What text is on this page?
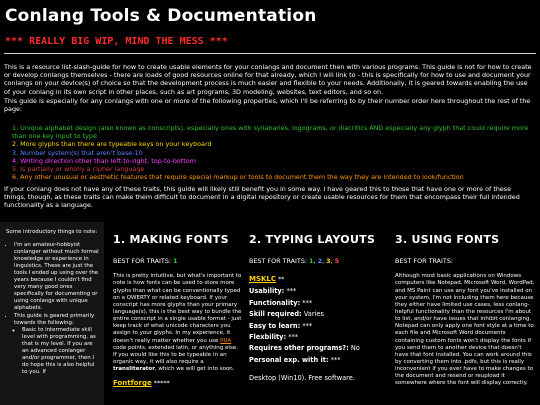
Conlang Tools & Documentation
*** REALLY BIG WIP, MIND THE MESS ***

This is a resource list-slash-guide for how to create usable elements for your conlangs and document then with various programs. This guide is not for how to create or develop conlangs themselves - there are loads of good resources online for that already, which I will link to - this is specifically for how to use and document your conlangs on your device(s) of choice so that the development process is much easier and flexible to your needs. Additionally, it is geared towards enabling the use of your conlang in its own script in other places, such as art programs, 3D modeling, websites, text editors, and so on.

This guide is especially for any conlangs with one or more of the following properties, which I'll be referring to by their number order here throughout the rest of the page:

1. Unique alphabet design (also known as conscripts), especially ones with syllabaries, logograms, or diacritics AND especially any glyph that could require more than one key input to type
2. More glyphs than there are typeable keys on your keyboard
3. Number system(s) that aren't base-10
4. Writing direction other than left-to-right, top-to-bottom
5. Is partially or wholly a cipher language
6. Any other unusual or aesthetic features that require special markup or tools to document them the way they are intended to look/function

If your conlang does not have any of these traits, this guide will likely still benefit you in some way. I have geared this to those that have one or more of these things, though, as these traits can make them difficult to document in a digital repository or create usable resources for them that encompass their full intended functionality as a language.

Some introductory things to note:

• I'm an amateur-hobbyist conlanger without much formal knowledge or experience in linguistics. These are just the tools I ended up using over the years because I couldn't find very many good ones specifically for documenting or using conlangs with unique alphabets.
• This guide is geared primarily towards the following:
◦ Basic to intermediate skill level with programming, as that is my level. If you are an advanced conlanger and/or programmer, then I do hope this is also helpful to you. If
1. MAKING FONTS
BEST FOR TRAITS: 1

This is pretty intuitive, but what's important to note is how fonts can be used to store more glyphs than what can be conventionally typed on a QWERTY or related keyboard. If your conscript has more glyphs than your primary language(s), this is the best way to bundle the entire conscript in a single usable format - just keep track of what unicode characters you assign to your glyphs. In my experience, it doesn't really matter whether you use PUA code points, extended latin, or anything else. If you would like this to be typeable in an organic way, it will also require a transliterator, which we will get into soon.

Fontforge *****
2. TYPING LAYOUTS
BEST FOR TRAITS: 1, 2, 3, 5
MSKLC **

Usability: ***

Functionality: ***

Skill required: Varies

Easy to learn: ***

Flexbility: ***

Requires other programs?: No

Personal exp. with it: ***

Desktop (Win10). Free software.

3. USING FONTS
BEST FOR TRAITS:

Although most basic applications on Windows computers like Notepad, Microsoft Word, WordPad, and MS Paint can use any font you've installed on your system, I'm not including them here because they either have limited use cases, less conlang-helpful functionality than the resources I'm about to list, and/or have issues that inhibit conlanging. Notepad can only apply one font style at a time to each file and Microsoft Word documents containing custom fonts won't display the fonts if you send them to another device that doesn't have that font installed. You can work around this by converting them into .pdfs, but this is really inconvenient if you ever have to make changes to the document and resend or reupload it somewhere where the font will display correctly.
